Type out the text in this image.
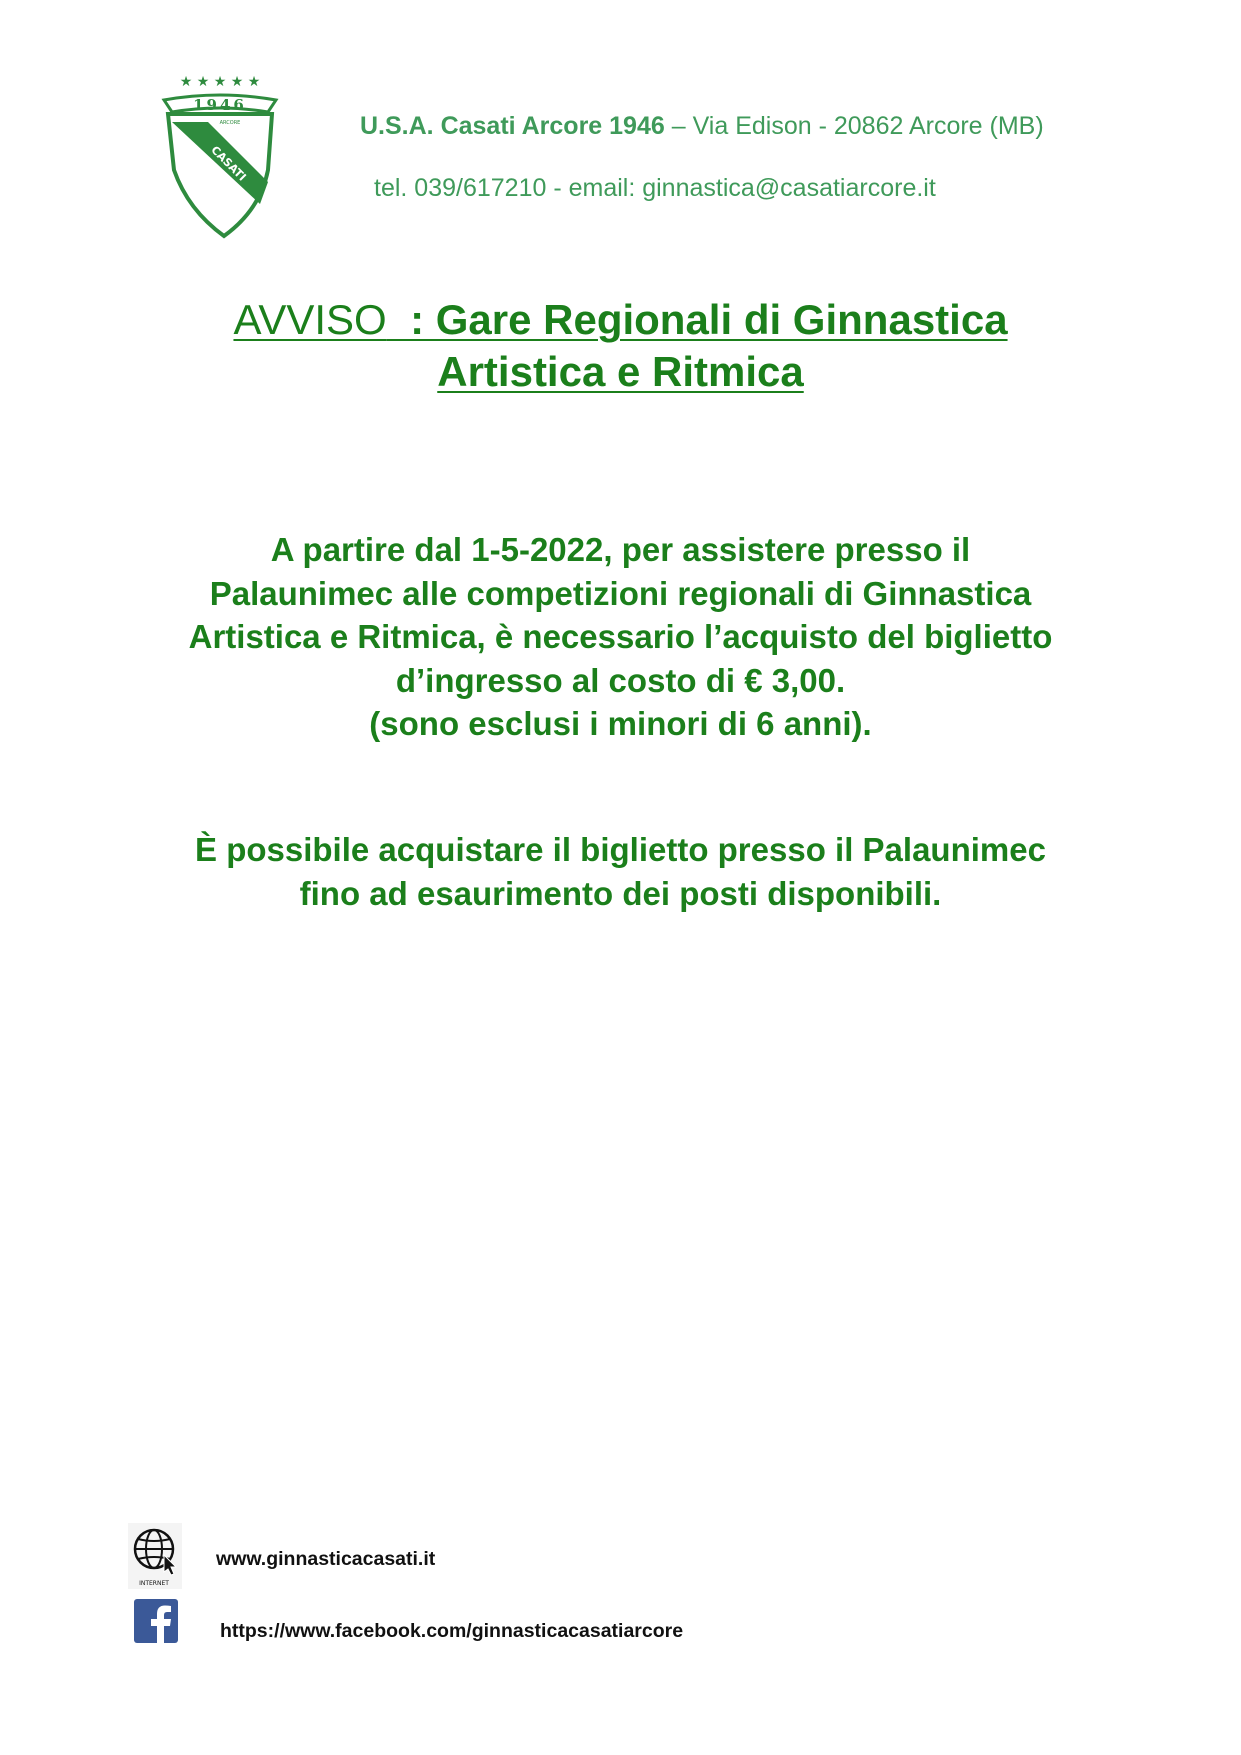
★ ★ ★ ★ ★
1946
CASATI
ARCORE	U.S.A. Casati Arcore 1946 – Via Edison - 20862 Arcore (MB)
tel. 039/617210 - email: ginnastica@casatiarcore.it
AVVISO  : Gare Regionali di Ginnastica
Artistica e Ritmica
A partire dal 1-5-2022, per assistere presso il
Palaunimec alle competizioni regionali di Ginnastica
Artistica e Ritmica, è necessario l’acquisto del biglietto
d’ingresso al costo di € 3,00.
(sono esclusi i minori di 6 anni).
È possibile acquistare il biglietto presso il Palaunimec
fino ad esaurimento dei posti disponibili.
INTERNET
www.ginnasticacasati.it
https://www.facebook.com/ginnasticacasatiarcore
